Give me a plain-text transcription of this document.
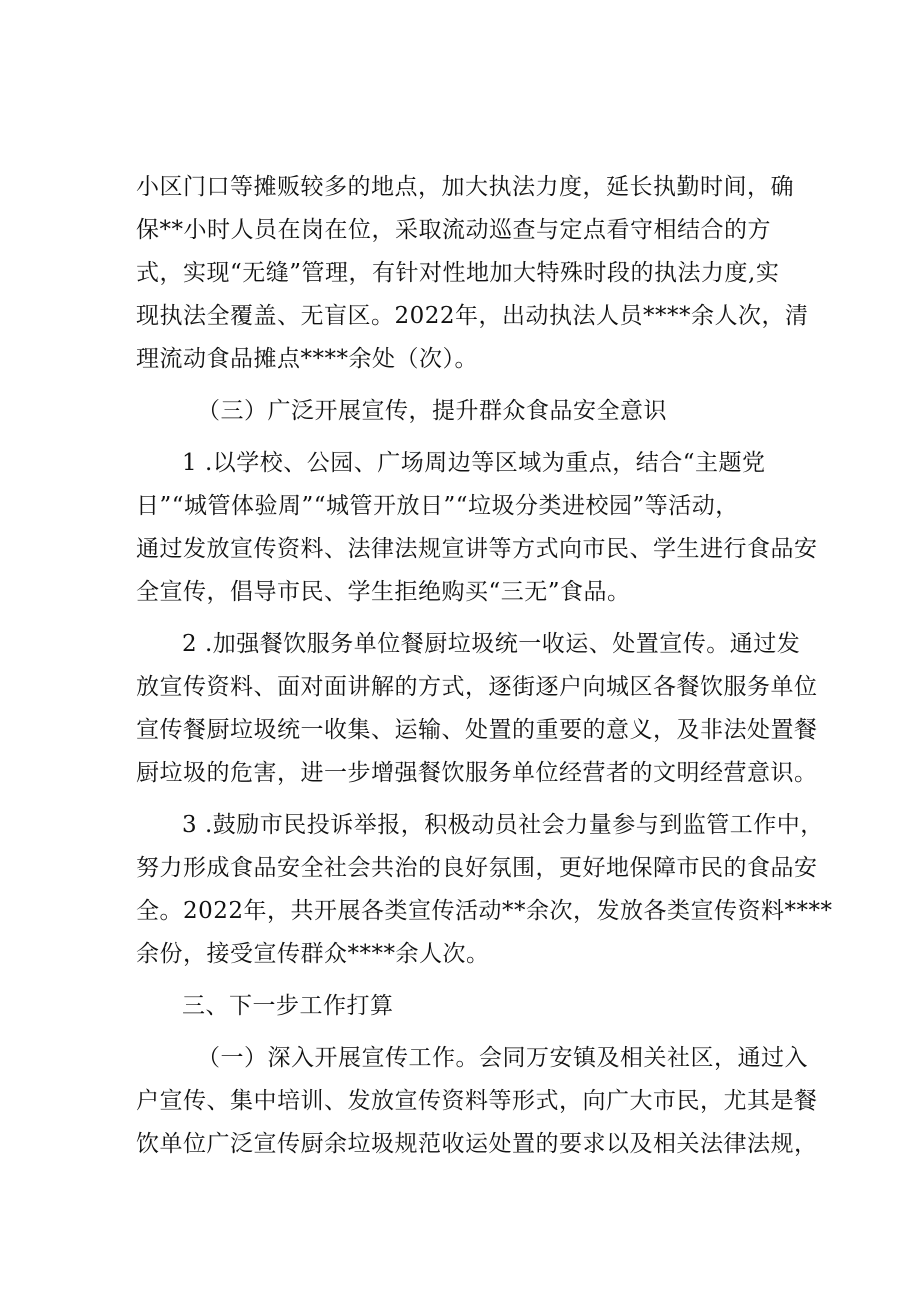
小区门口等摊贩较多的地点，加大执法力度，延长执勤时间，确
保**小时人员在岗在位，采取流动巡查与定点看守相结合的方
式，实现“无缝”管理，有针对性地加大特殊时段的执法力度,实
现执法全覆盖、无盲区。2022年，出动执法人员****余人次，清
理流动食品摊点****余处（次）。
（三）广泛开展宣传，提升群众食品安全意识
1 .以学校、公园、广场周边等区域为重点，结合“主题党
日”“城管体验周”“城管开放日”“垃圾分类进校园”等活动，
通过发放宣传资料、法律法规宣讲等方式向市民、学生进行食品安
全宣传，倡导市民、学生拒绝购买“三无”食品。
2 .加强餐饮服务单位餐厨垃圾统一收运、处置宣传。通过发
放宣传资料、面对面讲解的方式，逐街逐户向城区各餐饮服务单位
宣传餐厨垃圾统一收集、运输、处置的重要的意义，及非法处置餐
厨垃圾的危害，进一步增强餐饮服务单位经营者的文明经营意识。
3 .鼓励市民投诉举报，积极动员社会力量参与到监管工作中，
努力形成食品安全社会共治的良好氛围，更好地保障市民的食品安
全。2022年，共开展各类宣传活动**余次，发放各类宣传资料****
余份，接受宣传群众****余人次。
三、下一步工作打算
（一）深入开展宣传工作。会同万安镇及相关社区，通过入
户宣传、集中培训、发放宣传资料等形式，向广大市民，尤其是餐
饮单位广泛宣传厨余垃圾规范收运处置的要求以及相关法律法规，
